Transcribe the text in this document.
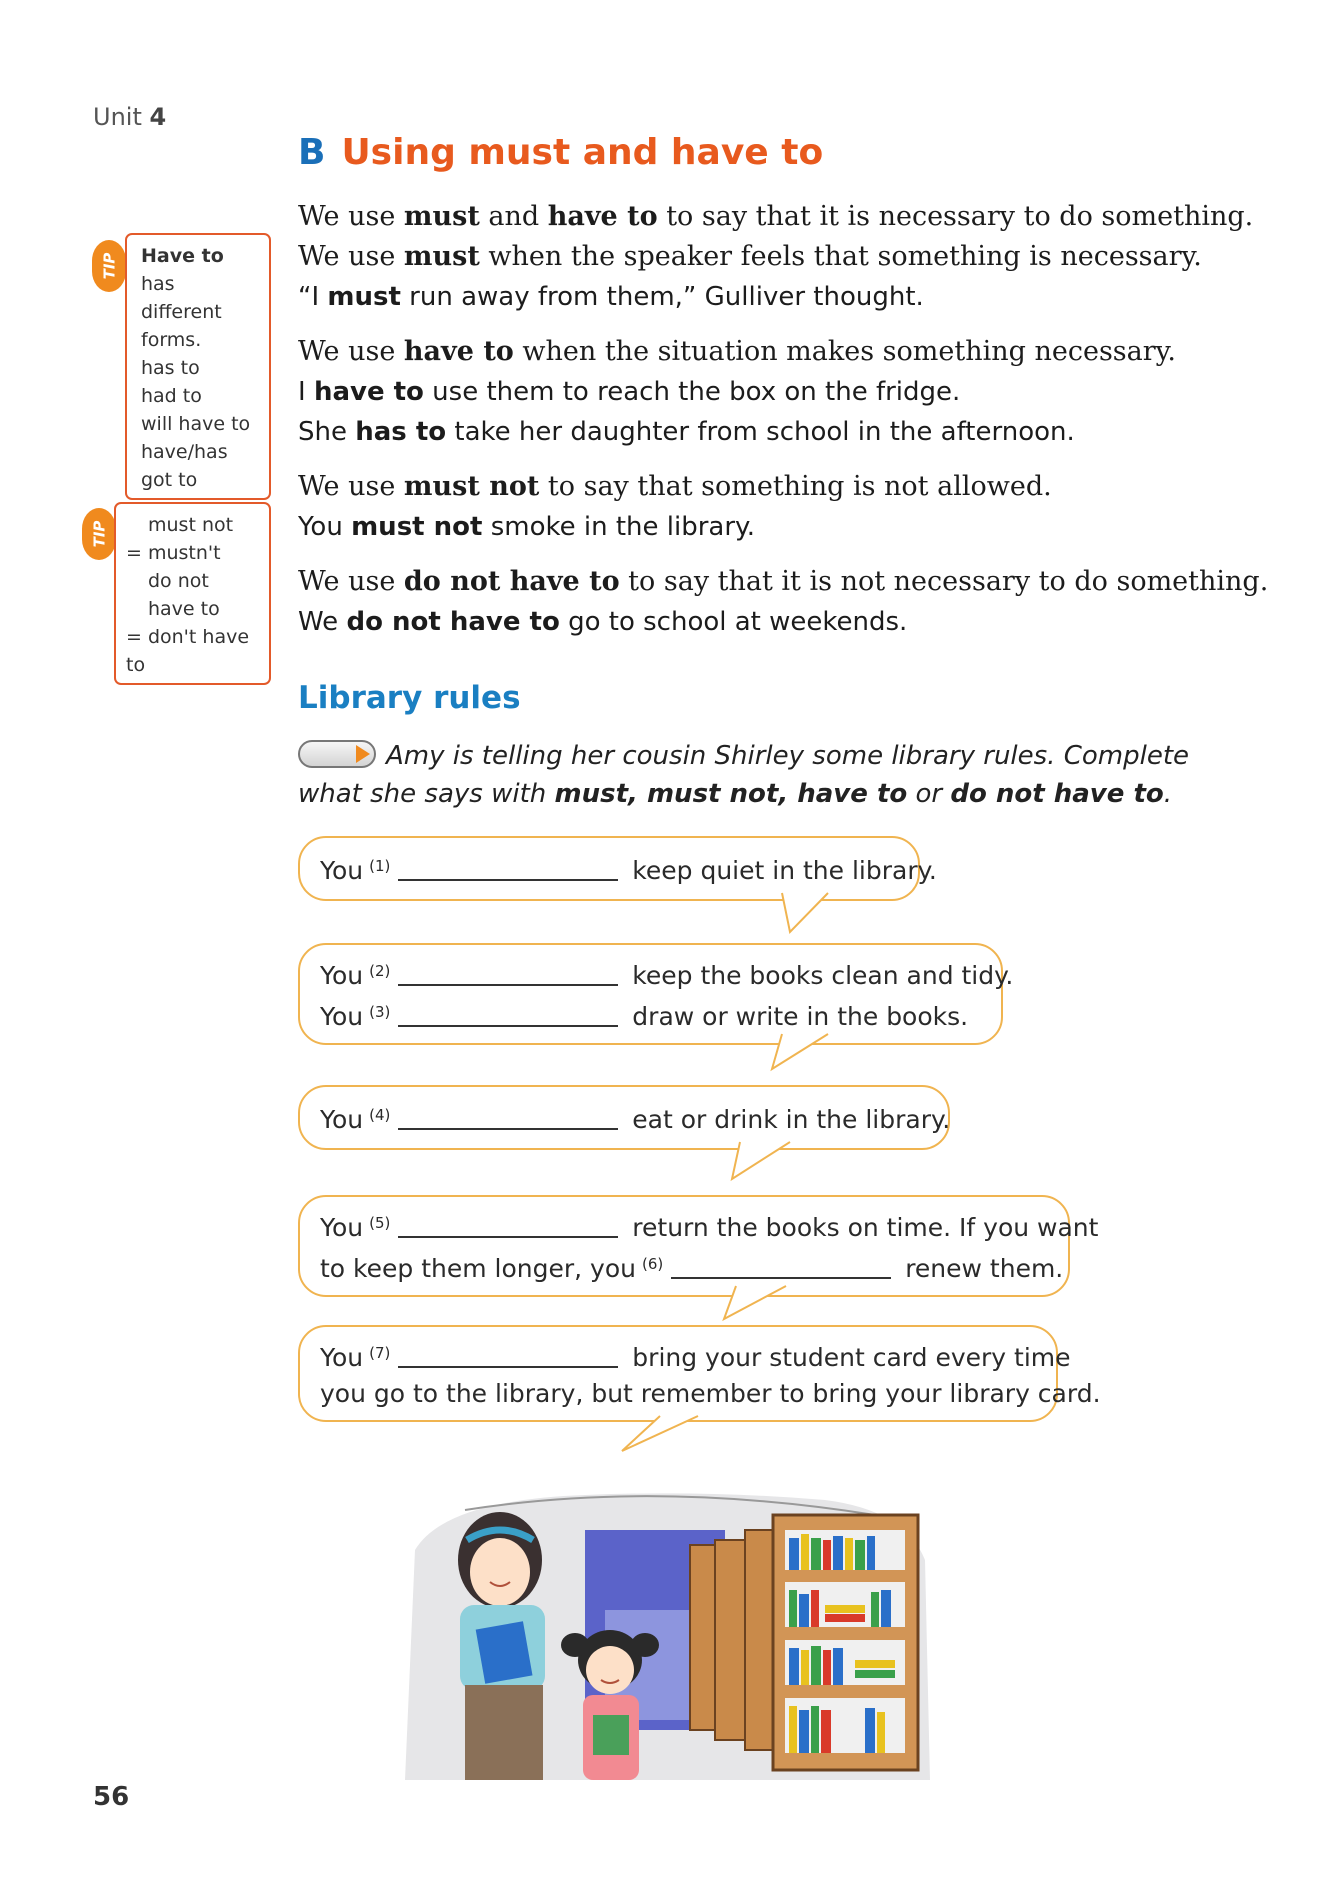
Unit 4
B Using must and have to
TIP Have to has
different forms.
has to
had to
will have to
have/has got to
TIP	must not
= mustn't
do not have to
= don't have to
We use must and have to to say that it is necessary to do something.
We use must when the speaker feels that something is necessary.
“I must run away from them,” Gulliver thought.
We use have to when the situation makes something necessary.
I have to use them to reach the box on the fridge.
She has to take her daughter from school in the afternoon.
We use must not to say that something is not allowed.
You must not smoke in the library.
We use do not have to to say that it is not necessary to do something.
We do not have to go to school at weekends.
Library rules
Amy is telling her cousin Shirley some library rules. Complete what she says with must, must not, have to or do not have to.
You $^{(1)}$	keep quiet in the library.
You $^{(2)}$	keep the books clean and tidy.
You $^{(3)}$	draw or write in the books.
You $^{(4)}$	eat or drink in the library.
You $^{(5)}$	return the books on time. If you want
to keep them longer, you $^{(6)}$	renew them.
You $^{(7)}$	bring your student card every time
you go to the library, but remember to bring your library card.
56
